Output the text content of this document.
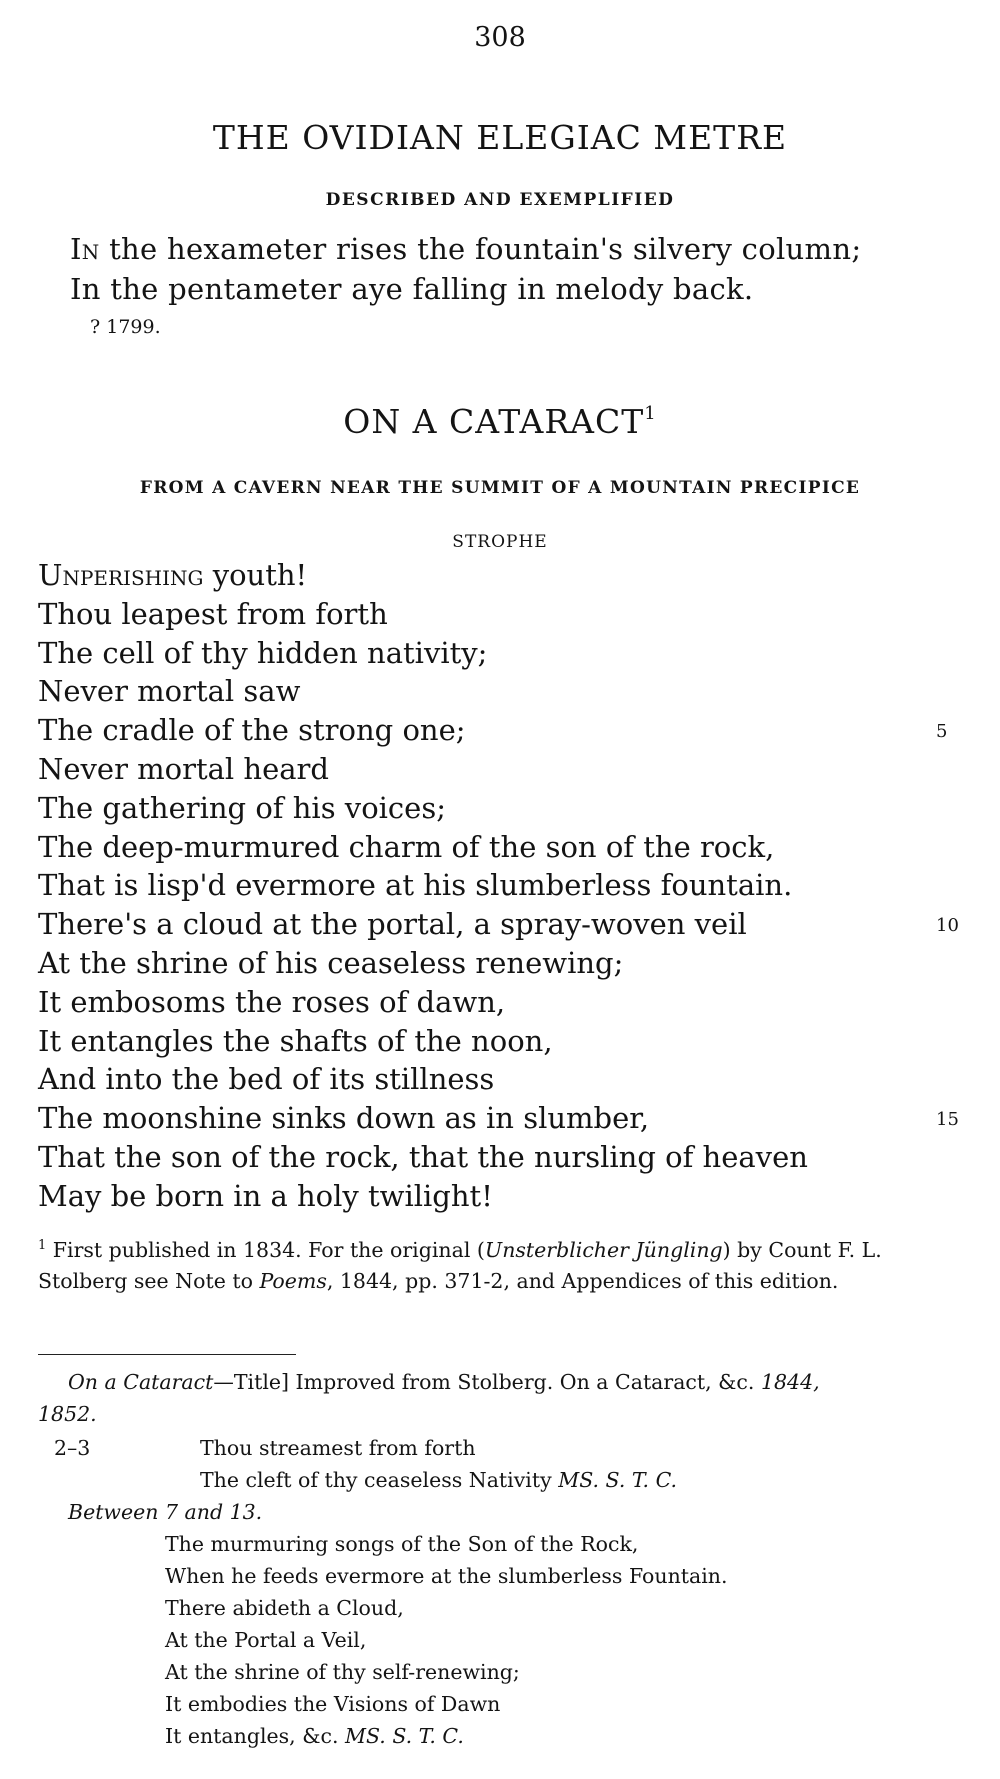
308
THE OVIDIAN ELEGIAC METRE
DESCRIBED AND EXEMPLIFIED
In the hexameter rises the fountain's silvery column;
In the pentameter aye falling in melody back.
? 1799.
ON A CATARACT$^1$
FROM A CAVERN NEAR THE SUMMIT OF A MOUNTAIN PRECIPICE
STROPHE
Unperishing youth!
Thou leapest from forth
The cell of thy hidden nativity;
Never mortal saw
The cradle of the strong one;	5
Never mortal heard
The gathering of his voices;
The deep-murmured charm of the son of the rock,
That is lisp'd evermore at his slumberless fountain.
There's a cloud at the portal, a spray-woven veil	10
At the shrine of his ceaseless renewing;
It embosoms the roses of dawn,
It entangles the shafts of the noon,
And into the bed of its stillness
The moonshine sinks down as in slumber,	15
That the son of the rock, that the nursling of heaven
May be born in a holy twilight!
$^1$ First published in 1834. For the original (Unsterblicher Jüngling) by Count F. L. Stolberg see Note to Poems, 1844, pp. 371-2, and Appendices of this edition.
On a Cataract—Title] Improved from Stolberg. On a Cataract, &c. 1844,
1852.
2–3	Thou streamest from forth
The cleft of thy ceaseless Nativity MS. S. T. C.
Between 7 and 13.
The murmuring songs of the Son of the Rock,
When he feeds evermore at the slumberless Fountain.
There abideth a Cloud,
At the Portal a Veil,
At the shrine of thy self-renewing;
It embodies the Visions of Dawn
It entangles, &c. MS. S. T. C.
